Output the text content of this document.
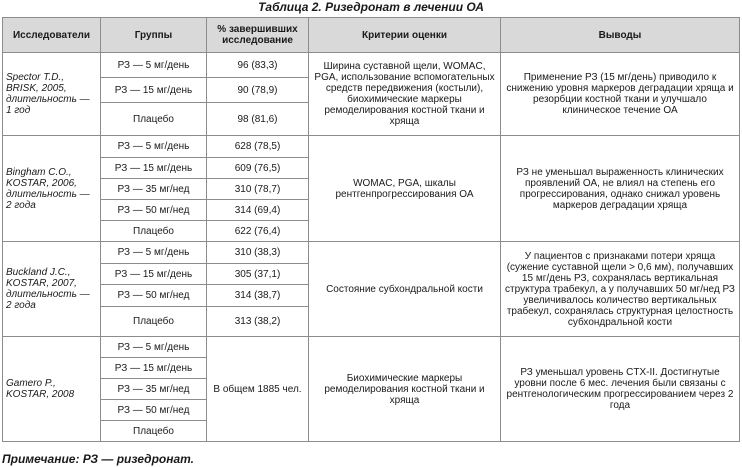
Таблица 2. Ризедронат в лечении ОА
Исследователи	Группы	% завершивших исследование	Критерии оценки	Выводы
Spector T.D., BRISK, 2005, длительность — 1 год	РЗ — 5 мг/день	96 (83,3)	Ширина суставной щели, WOMAC, PGA, использование вспомогательных средств передвижения (костыли), биохимические маркеры ремоделирования костной ткани и хряща	Применение РЗ (15 мг/день) приводило к снижению уровня маркеров деградации хряща и резорбции костной ткани и улучшало клиническое течение ОА
	РЗ — 15 мг/день	90 (78,9)		
	Плацебо	98 (81,6)		
Bingham C.O., KOSTAR, 2006, длительность — 2 года	РЗ — 5 мг/день	628 (78,5)	WOMAC, PGA, шкалы рентгенпрогрессирования ОА	РЗ не уменьшал выраженность клинических проявлений ОА, не влиял на степень его прогрессирования, однако снижал уровень маркеров деградации хряща
	РЗ — 15 мг/день	609 (76,5)		
	РЗ — 35 мг/нед	310 (78,7)		
	РЗ — 50 мг/нед	314 (69,4)		
	Плацебо	622 (76,4)		
Buckland J.C., KOSTAR, 2007, длительность — 2 года	РЗ — 5 мг/день	310 (38,3)	Состояние субхондральной кости	У пациентов с признаками потери хряща (сужение суставной щели > 0,6 мм), получавших 15 мг/день РЗ, сохранялась вертикальная структура трабекул, а у получавших 50 мг/нед РЗ увеличивалось количество вертикальных трабекул, сохранялась структурная целостность субхондральной кости
	РЗ — 15 мг/день	305 (37,1)		
	РЗ — 50 мг/нед	314 (38,7)		
	Плацебо	313 (38,2)		
Gamero P., KOSTAR, 2008	РЗ — 5 мг/день	В общем 1885 чел.	Биохимические маркеры ремоделирования костной ткани и хряща	РЗ уменьшал уровень CTX-II. Достигнутые уровни после 6 мес. лечения были связаны с рентгенологическим прогрессированием через 2 года
	РЗ — 15 мг/день			
	РЗ — 35 мг/нед			
	РЗ — 50 мг/нед			
	Плацебо			
Примечание: РЗ — ризедронат.
